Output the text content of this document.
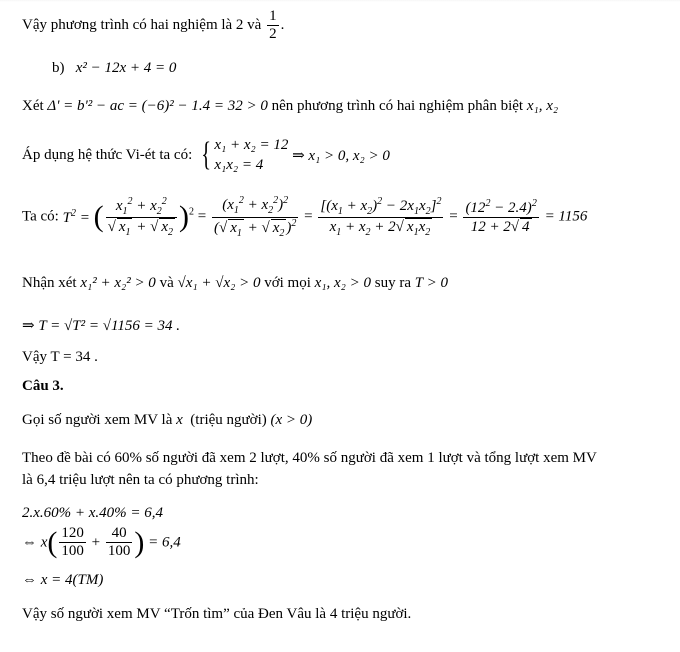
Vậy phương trình có hai nghiệm là 2 và $\frac{1}{2}$ .
b) x² − 12x + 4 = 0
Xét Δ' = b'² − ac = (−6)² − 1.4 = 32 > 0 nên phương trình có hai nghiệm phân biệt x₁, x₂
Áp dụng hệ thức Vi-ét ta có: { x₁ + x₂ = 12
x₁x₂ = 4
⇒ x₁ > 0, x₂ > 0
Ta có: $T^2$ = ( $\frac{x_1^2 + x_2^2}{√ x_1 + √ x_2} )^2 = \frac{(x_1^2 + x_2^2)^2}{(√ x_1 + √ x_2 )^2} = \frac{[(x_1 + x_2)^2 - 2x_1x_2]^2}{x_1 + x_2 + 2√ x_1x_2} = \frac{(12^2 - 2.4)^2}{12 + 2√ 4} = 1156$
Nhận xét x₁² + x₂² > 0 và √x₁ + √x₂ > 0 với mọi x₁, x₂ > 0 suy ra T > 0
⇒ T = √T² = √1156 = 34 .
Vậy T = 34 .
Câu 3.
Gọi số người xem MV là x (triệu người) (x > 0)
Theo đề bài có 60% số người đã xem 2 lượt, 40% số người đã xem 1 lượt và tổng lượt xem MV
là 6,4 triệu lượt nên ta có phương trình:
2.x.60% + x.40% = 6,4
⇔ $x( \frac{120}{100} + \frac{40}{100}$ ) = 6,4
⇔ x = 4(TM)
Vậy số người xem MV “Trốn tìm” của Đen Vâu là 4 triệu người.
